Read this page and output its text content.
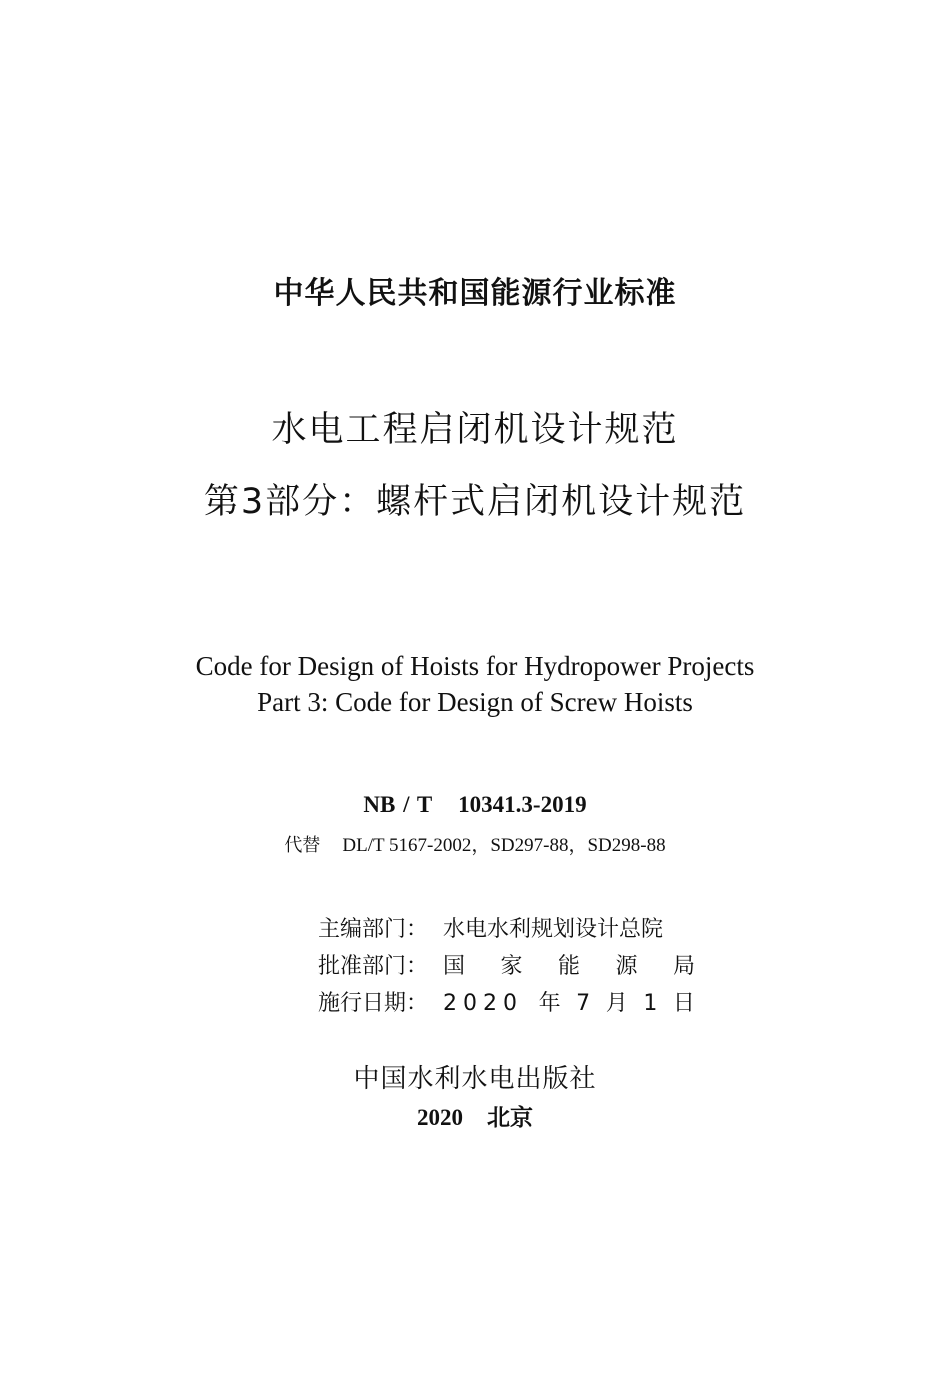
中华人民共和国能源行业标准
水电工程启闭机设计规范
第3部分：螺杆式启闭机设计规范
Code for Design of Hoists for Hydropower Projects
Part 3: Code for Design of Screw Hoists
NB / T 10341.3-2019
代替 DL/T 5167-2002，SD297-88，SD298-88
主编部门： 水电水利规划设计总院
批准部门： 国 家 能 源 局
施行日期： 2020 年 7 月 1 日
中国水利水电出版社
2020 北京
